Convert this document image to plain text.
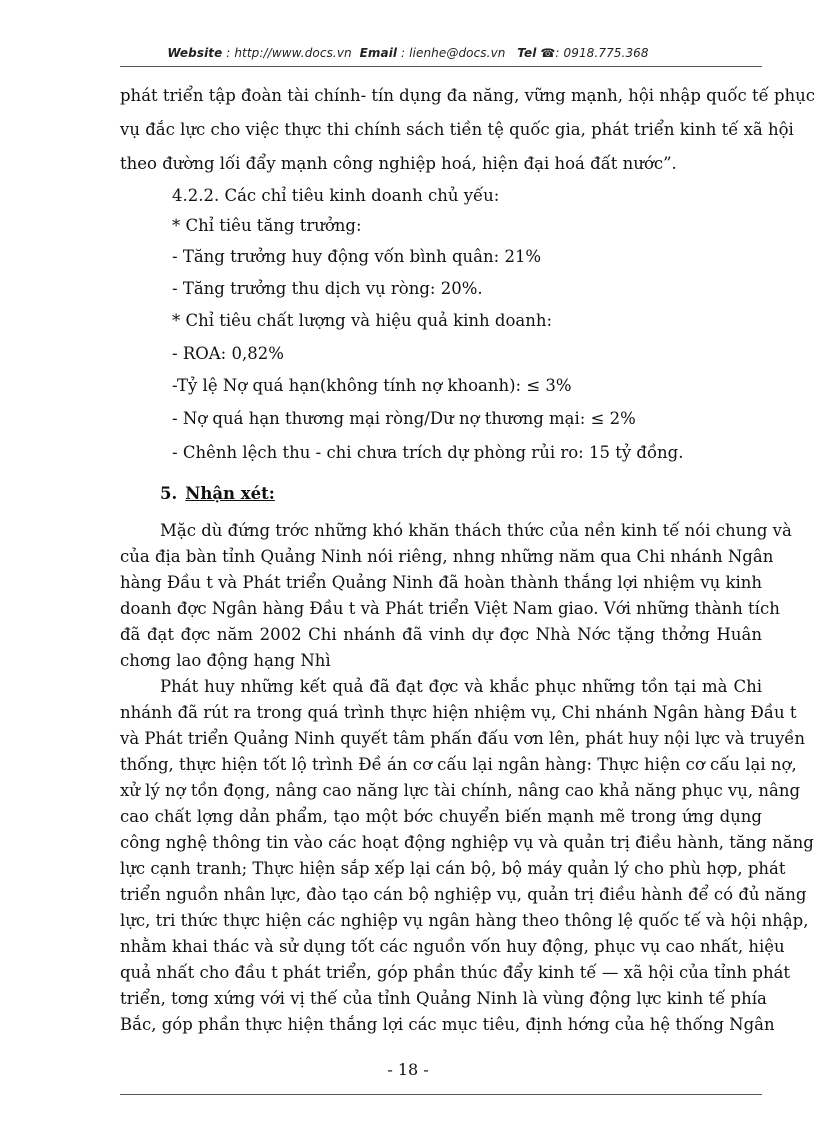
Website : http://www.docs.vn Email : lienhe@docs.vn Tel ☎: 0918.775.368
phát triển tập đoàn tài chính- tín dụng đa năng, vững mạnh, hội nhập quốc tế phục
vụ đắc lực cho việc thực thi chính sách tiền tệ quốc gia, phát triển kinh tế xã hội
theo đường lối đẩy mạnh công nghiệp hoá, hiện đại hoá đất nước”.
4.2.2. Các chỉ tiêu kinh doanh chủ yếu:
* Chỉ tiêu tăng trưởng:
- Tăng trưởng huy động vốn bình quân: 21%
- Tăng trưởng thu dịch vụ ròng: 20%.
* Chỉ tiêu chất lượng và hiệu quả kinh doanh:
- ROA: 0,82%
-Tỷ lệ Nợ quá hạn(không tính nợ khoanh): ≤ 3%
- Nợ quá hạn thương mại ròng/Dư nợ thương mại: ≤ 2%
- Chênh lệch thu - chi chưa trích dự phòng rủi ro: 15 tỷ đồng.
5. Nhận xét:
Mặc dù đứng trớc những khó khăn thách thức của nền kinh tế nói chung và
của địa bàn tỉnh Quảng Ninh nói riêng, nhng những năm qua Chi nhánh Ngân
hàng Đầu t và Phát triển Quảng Ninh đã hoàn thành thắng lợi nhiệm vụ kinh
doanh đợc Ngân hàng Đầu t và Phát triển Việt Nam giao. Với những thành tích
đã đạt đợc năm 2002 Chi nhánh đã vinh dự đợc Nhà Nớc tặng thởng Huân
chơng lao động hạng Nhì
Phát huy những kết quả đã đạt đợc và khắc phục những tồn tại mà Chi
nhánh đã rút ra trong quá trình thực hiện nhiệm vụ, Chi nhánh Ngân hàng Đầu t
và Phát triển Quảng Ninh quyết tâm phấn đấu vơn lên, phát huy nội lực và truyền
thống, thực hiện tốt lộ trình Đề án cơ cấu lại ngân hàng: Thực hiện cơ cấu lại nợ,
xử lý nợ tồn đọng, nâng cao năng lực tài chính, nâng cao khả năng phục vụ, nâng
cao chất lợng dản phẩm, tạo một bớc chuyển biến mạnh mẽ trong ứng dụng
công nghệ thông tin vào các hoạt động nghiệp vụ và quản trị điều hành, tăng năng
lực cạnh tranh; Thực hiện sắp xếp lại cán bộ, bộ máy quản lý cho phù hợp, phát
triển nguồn nhân lực, đào tạo cán bộ nghiệp vụ, quản trị điều hành để có đủ năng
lực, tri thức thực hiện các nghiệp vụ ngân hàng theo thông lệ quốc tế và hội nhập,
nhằm khai thác và sử dụng tốt các nguồn vốn huy động, phục vụ cao nhất, hiệu
quả nhất cho đầu t phát triển, góp phần thúc đẩy kinh tế — xã hội của tỉnh phát
triển, tơng xứng với vị thế của tỉnh Quảng Ninh là vùng động lực kinh tế phía
Bắc, góp phần thực hiện thắng lợi các mục tiêu, định hớng của hệ thống Ngân
- 18 -
